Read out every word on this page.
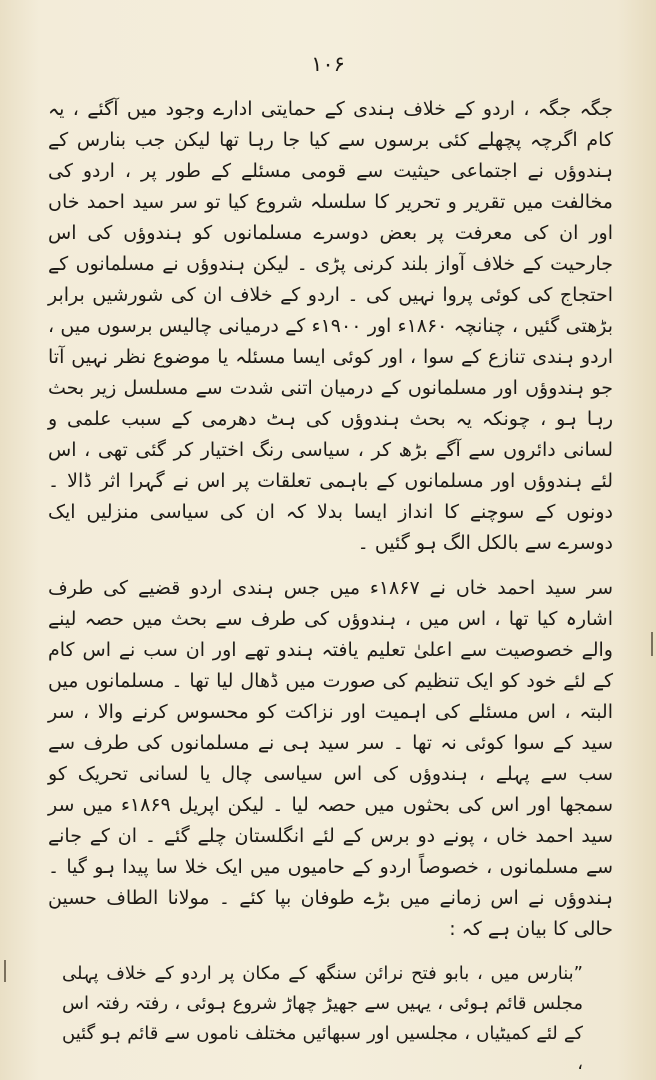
۱۰۶

جگہ جگہ ، اردو کے خلاف ہندی کے حمایتی ادارے وجود میں آگئے ، یہ کام اگرچہ پچھلے کئی برسوں سے کیا جا رہا تھا لیکن جب بنارس کے ہندوؤں نے اجتماعی حیثیت سے قومی مسئلے کے طور پر ، اردو کی مخالفت میں تقریر و تحریر کا سلسلہ شروع کیا تو سر سید احمد خاں اور ان کی معرفت پر بعض دوسرے مسلمانوں کو ہندوؤں کی اس جارحیت کے خلاف آواز بلند کرنی پڑی ۔ لیکن ہندوؤں نے مسلمانوں کے احتجاج کی کوئی پروا نہیں کی ۔ اردو کے خلاف ان کی شورشیں برابر بڑھتی گئیں ، چنانچہ ۱۸۶۰ء اور ۱۹۰۰ء کے درمیانی چالیس برسوں میں ، اردو ہندی تنازع کے سوا ، اور کوئی ایسا مسئلہ یا موضوع نظر نہیں آتا جو ہندوؤں اور مسلمانوں کے درمیان اتنی شدت سے مسلسل زیر بحث رہا ہو ، چونکہ یہ بحث ہندوؤں کی ہٹ دھرمی کے سبب علمی و لسانی دائروں سے آگے بڑھ کر ، سیاسی رنگ اختیار کر گئی تھی ، اس لئے ہندوؤں اور مسلمانوں کے باہمی تعلقات پر اس نے گہرا اثر ڈالا ۔ دونوں کے سوچنے کا انداز ایسا بدلا کہ ان کی سیاسی منزلیں ایک دوسرے سے بالکل الگ ہو گئیں ۔

سر سید احمد خاں نے ۱۸۶۷ء میں جس ہندی اردو قضیے کی طرف اشارہ کیا تھا ، اس میں ، ہندوؤں کی طرف سے بحث میں حصہ لینے والے خصوصیت سے اعلیٰ تعلیم یافتہ ہندو تھے اور ان سب نے اس کام کے لئے خود کو ایک تنظیم کی صورت میں ڈھال لیا تھا ۔ مسلمانوں میں البتہ ، اس مسئلے کی اہمیت اور نزاکت کو محسوس کرنے والا ، سر سید کے سوا کوئی نہ تھا ۔ سر سید ہی نے مسلمانوں کی طرف سے سب سے پہلے ، ہندوؤں کی اس سیاسی چال یا لسانی تحریک کو سمجھا اور اس کی بحثوں میں حصہ لیا ۔ لیکن اپریل ۱۸۶۹ء میں سر سید احمد خاں ، پونے دو برس کے لئے انگلستان چلے گئے ۔ ان کے جانے سے مسلمانوں ، خصوصاً اردو کے حامیوں میں ایک خلا سا پیدا ہو گیا ۔ ہندوؤں نے اس زمانے میں بڑے طوفان بپا کئے ۔ مولانا الطاف حسین حالی کا بیان ہے کہ :

”بنارس میں ، بابو فتح نرائن سنگھ کے مکان پر اردو کے خلاف پہلی مجلس قائم ہوئی ، یہیں سے جھیڑ چھاڑ شروع ہوئی ، رفتہ رفتہ اس کے لئے کمیٹیاں ، مجلسیں اور سبھائیں مختلف ناموں سے قائم ہو گئیں ،
